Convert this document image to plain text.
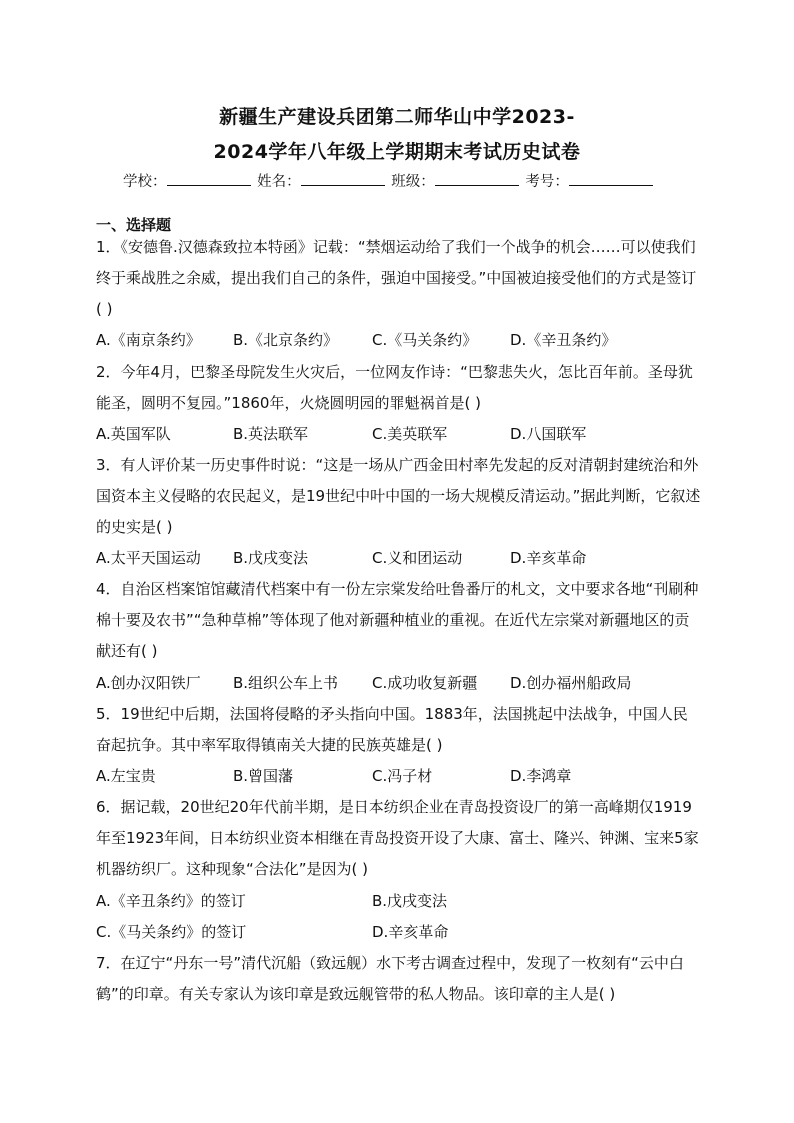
新疆生产建设兵团第二师华山中学2023-
2024学年八年级上学期期末考试历史试卷
学校：	姓名：	班级：	考号：
一、选择题

1．《安德鲁.汉德森致拉本特函》记载：“禁烟运动给了我们一个战争的机会……可以使我们终于乘战胜之余威，提出我们自己的条件，强迫中国接受。”中国被迫接受他们的方式是签订( )

A.《南京条约》 B.《北京条约》 C.《马关条约》 D.《辛丑条约》

2．今年4月，巴黎圣母院发生火灾后，一位网友作诗：“巴黎悲失火，怎比百年前。圣母犹能圣，圆明不复园。”1860年，火烧圆明园的罪魁祸首是( )

A.英国军队	B.英法联军	C.美英联军	D.八国联军

3．有人评价某一历史事件时说：“这是一场从广西金田村率先发起的反对清朝封建统治和外国资本主义侵略的农民起义，是19世纪中叶中国的一场大规模反清运动。”据此判断，它叙述的史实是( )

A.太平天国运动 B.戊戌变法	C.义和团运动	D.辛亥革命

4．自治区档案馆馆藏清代档案中有一份左宗棠发给吐鲁番厅的札文，文中要求各地“刊刷种棉十要及农书”“急种草棉”等体现了他对新疆种植业的重视。在近代左宗棠对新疆地区的贡献还有( )

A.创办汉阳铁厂 B.组织公车上书 C.成功收复新疆 D.创办福州船政局

5．19世纪中后期，法国将侵略的矛头指向中国。1883年，法国挑起中法战争，中国人民奋起抗争。其中率军取得镇南关大捷的民族英雄是( )

A.左宝贵	B.曾国藩	C.冯子材	D.李鸿章

6．据记载，20世纪20年代前半期，是日本纺织企业在青岛投资设厂的第一高峰期仅1919年至1923年间，日本纺织业资本相继在青岛投资开设了大康、富士、隆兴、钟渊、宝来5家机器纺织厂。这种现象“合法化”是因为( )

A.《辛丑条约》的签订	B.戊戌变法
C.《马关条约》的签订	D.辛亥革命

7．在辽宁“丹东一号”清代沉船（致远舰）水下考古调查过程中，发现了一枚刻有“云中白鹤”的印章。有关专家认为该印章是致远舰管带的私人物品。该印章的主人是( )
